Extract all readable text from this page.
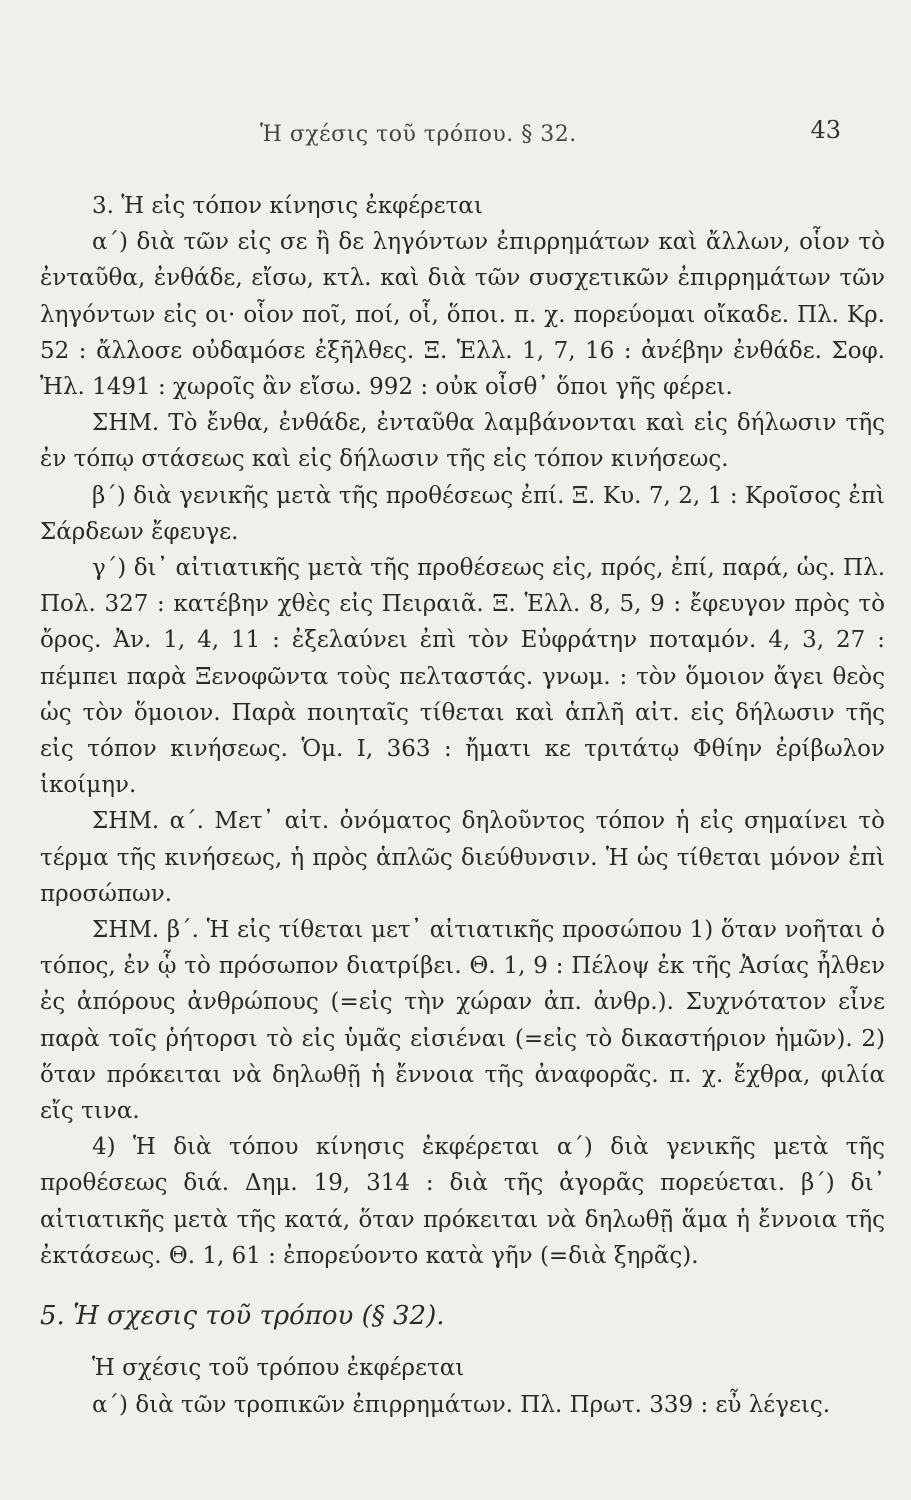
Ἡ σχέσις τοῦ τρόπου. § 32.	43

3. Ἡ εἰς τόπον κίνησις ἐκφέρεται

α΄) διὰ τῶν εἰς σε ἢ δε ληγόντων ἐπιρρημάτων καὶ ἄλλων, οἷον τὸ ἐνταῦθα, ἐνθάδε, εἴσω, κτλ. καὶ διὰ τῶν συσχετικῶν ἐπιρρημάτων τῶν ληγόντων εἰς οι· οἷον ποῖ, ποί, οἷ, ὅποι. π. χ. πορεύομαι οἴκαδε. Πλ. Κρ. 52 : ἄλλοσε οὐδαμόσε ἐξῆλθες. Ξ. Ἑλλ. 1, 7, 16 : ἀνέβην ἐνθάδε. Σοφ. Ἠλ. 1491 : χωροῖς ἂν εἴσω. 992 : οὐκ οἶσθ᾽ ὅποι γῆς φέρει.

ΣΗΜ. Τὸ ἔνθα, ἐνθάδε, ἐνταῦθα λαμβάνονται καὶ εἰς δήλωσιν τῆς ἐν τόπῳ στάσεως καὶ εἰς δήλωσιν τῆς εἰς τόπον κινήσεως.

β΄) διὰ γενικῆς μετὰ τῆς προθέσεως ἐπί. Ξ. Κυ. 7, 2, 1 : Κροῖσος ἐπὶ Σάρδεων ἔφευγε.

γ΄) δι᾽ αἰτιατικῆς μετὰ τῆς προθέσεως εἰς, πρός, ἐπί, παρά, ὡς. Πλ. Πολ. 327 : κατέβην χθὲς εἰς Πειραιᾶ. Ξ. Ἑλλ. 8, 5, 9 : ἔφευγον πρὸς τὸ ὄρος. Ἀν. 1, 4, 11 : ἐξελαύνει ἐπὶ τὸν Εὐφράτην ποταμόν. 4, 3, 27 : πέμπει παρὰ Ξενοφῶντα τοὺς πελταστάς. γνωμ. : τὸν ὅμοιον ἄγει θεὸς ὡς τὸν ὅμοιον. Παρὰ ποιηταῖς τίθεται καὶ ἁπλῆ αἰτ. εἰς δήλωσιν τῆς εἰς τόπον κινήσεως. Ὁμ. Ι, 363 : ἤματι κε τριτάτῳ Φθίην ἐρίβωλον ἱκοίμην.

ΣΗΜ. α΄. Μετ᾽ αἰτ. ὀνόματος δηλοῦντος τόπον ἡ εἰς σημαίνει τὸ τέρμα τῆς κινήσεως, ἡ πρὸς ἁπλῶς διεύθυνσιν. Ἡ ὡς τίθεται μόνον ἐπὶ προσώπων.

ΣΗΜ. β΄. Ἡ εἰς τίθεται μετ᾽ αἰτιατικῆς προσώπου 1) ὅταν νοῆται ὁ τόπος, ἐν ᾧ τὸ πρόσωπον διατρίβει. Θ. 1, 9 : Πέλοψ ἐκ τῆς Ἀσίας ἦλθεν ἐς ἀπόρους ἀνθρώπους (=εἰς τὴν χώραν ἀπ. ἀνθρ.). Συχνότατον εἶνε παρὰ τοῖς ῥήτορσι τὸ εἰς ὑμᾶς εἰσιέναι (=εἰς τὸ δικαστήριον ἡμῶν). 2) ὅταν πρόκειται νὰ δηλωθῇ ἡ ἔννοια τῆς ἀναφορᾶς. π. χ. ἔχθρα, φιλία εἴς τινα.

4) Ἡ διὰ τόπου κίνησις ἐκφέρεται α΄) διὰ γενικῆς μετὰ τῆς προθέσεως διά. Δημ. 19, 314 : διὰ τῆς ἀγορᾶς πορεύεται. β΄) δι᾽ αἰτιατικῆς μετὰ τῆς κατά, ὅταν πρόκειται νὰ δηλωθῇ ἅμα ἡ ἔννοια τῆς ἐκτάσεως. Θ. 1, 61 : ἐπορεύοντο κατὰ γῆν (=διὰ ξηρᾶς).

5. Ἡ σχεσις τοῦ τρόπου (§ 32).

Ἡ σχέσις τοῦ τρόπου ἐκφέρεται

α΄) διὰ τῶν τροπικῶν ἐπιρρημάτων. Πλ. Πρωτ. 339 : εὖ λέγεις.
